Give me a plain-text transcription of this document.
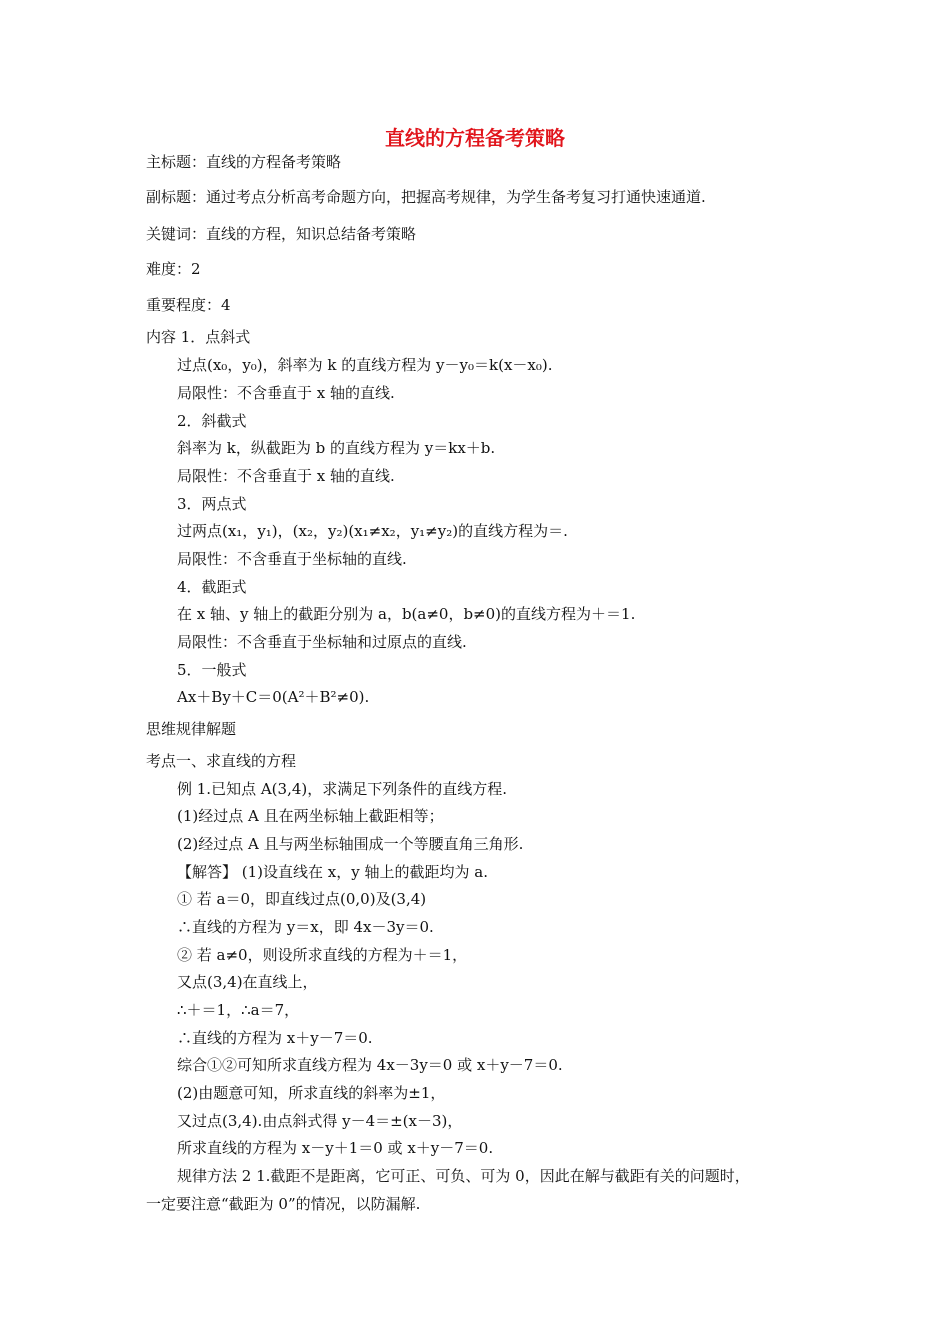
直线的方程备考策略
主标题：直线的方程备考策略
副标题：通过考点分析高考命题方向，把握高考规律，为学生备考复习打通快速通道.
关键词：直线的方程，知识总结备考策略
难度：2
重要程度：4
内容 1．点斜式
过点(x₀，y₀)，斜率为 k 的直线方程为 y－y₀＝k(x－x₀).
局限性：不含垂直于 x 轴的直线.
2．斜截式
斜率为 k，纵截距为 b 的直线方程为 y＝kx＋b.
局限性：不含垂直于 x 轴的直线.
3．两点式
过两点(x₁，y₁)，(x₂，y₂)(x₁≠x₂，y₁≠y₂)的直线方程为＝.
局限性：不含垂直于坐标轴的直线.
4．截距式
在 x 轴、y 轴上的截距分别为 a，b(a≠0，b≠0)的直线方程为＋＝1.
局限性：不含垂直于坐标轴和过原点的直线.
5．一般式
Ax＋By＋C＝0(A²＋B²≠0).
思维规律解题
考点一、求直线的方程
例 1.已知点 A(3,4)，求满足下列条件的直线方程.
(1)经过点 A 且在两坐标轴上截距相等；
(2)经过点 A 且与两坐标轴围成一个等腰直角三角形.
【解答】 (1)设直线在 x，y 轴上的截距均为 a.
① 若 a＝0，即直线过点(0,0)及(3,4)
∴直线的方程为 y＝x，即 4x－3y＝0.
② 若 a≠0，则设所求直线的方程为＋＝1，
又点(3,4)在直线上，
∴＋＝1，∴a＝7，
∴直线的方程为 x＋y－7＝0.
综合①②可知所求直线方程为 4x－3y＝0 或 x＋y－7＝0.
(2)由题意可知，所求直线的斜率为±1，
又过点(3,4).由点斜式得 y－4＝±(x－3)，
所求直线的方程为 x－y＋1＝0 或 x＋y－7＝0.
规律方法 2 1.截距不是距离，它可正、可负、可为 0，因此在解与截距有关的问题时，
一定要注意“截距为 0”的情况，以防漏解.
